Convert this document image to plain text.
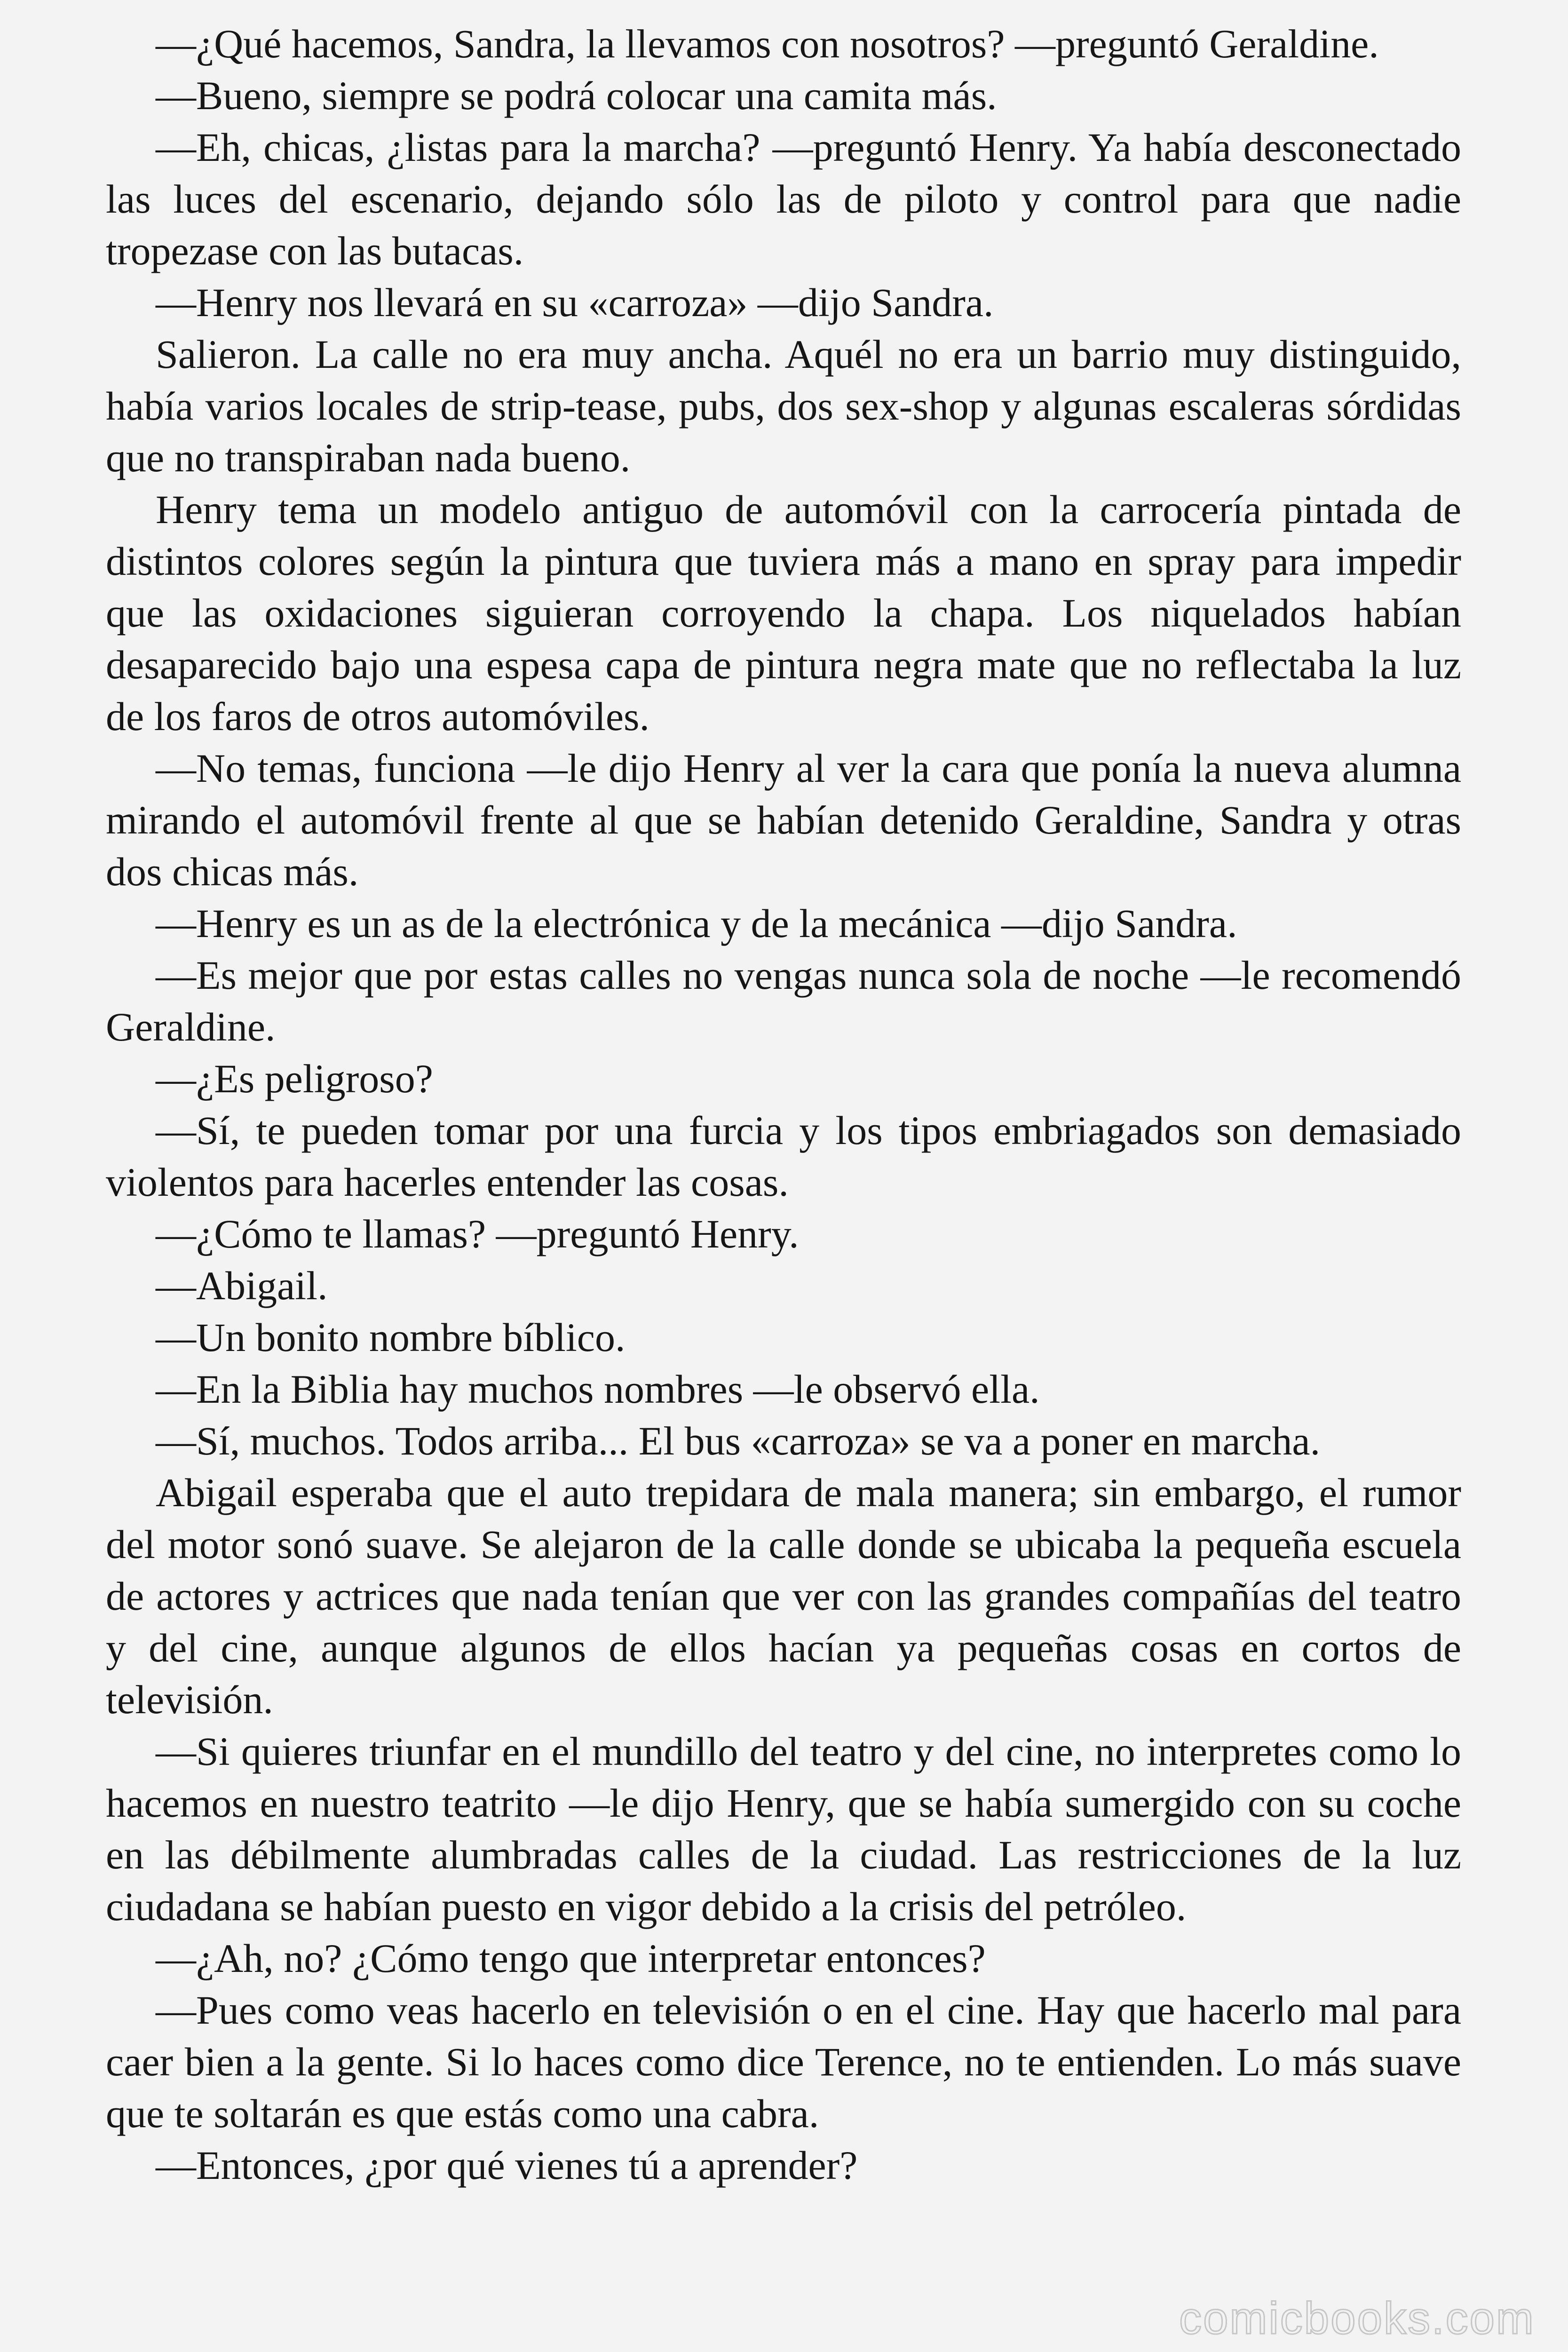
—¿Qué hacemos, Sandra, la llevamos con nosotros? —preguntó Geraldine.

—Bueno, siempre se podrá colocar una camita más.

—Eh, chicas, ¿listas para la marcha? —preguntó Henry. Ya había desconectado las luces del escenario, dejando sólo las de piloto y control para que nadie tropezase con las butacas.

—Henry nos llevará en su «carroza» —dijo Sandra.

Salieron. La calle no era muy ancha. Aquél no era un barrio muy distinguido, había varios locales de strip-tease, pubs, dos sex-shop y algunas escaleras sórdidas que no transpiraban nada bueno.

Henry tema un modelo antiguo de automóvil con la carrocería pintada de distintos colores según la pintura que tuviera más a mano en spray para impedir que las oxidaciones siguieran corroyendo la chapa. Los niquelados habían desaparecido bajo una espesa capa de pintura negra mate que no reflectaba la luz de los faros de otros automóviles.

—No temas, funciona —le dijo Henry al ver la cara que ponía la nueva alumna mirando el automóvil frente al que se habían detenido Geraldine, Sandra y otras dos chicas más.

—Henry es un as de la electrónica y de la mecánica —dijo Sandra.

—Es mejor que por estas calles no vengas nunca sola de noche —le recomendó Geraldine.

—¿Es peligroso?

—Sí, te pueden tomar por una furcia y los tipos embriagados son demasiado violentos para hacerles entender las cosas.

—¿Cómo te llamas? —preguntó Henry.

—Abigail.

—Un bonito nombre bíblico.

—En la Biblia hay muchos nombres —le observó ella.

—Sí, muchos. Todos arriba... El bus «carroza» se va a poner en marcha.

Abigail esperaba que el auto trepidara de mala manera; sin embargo, el rumor del motor sonó suave. Se alejaron de la calle donde se ubicaba la pequeña escuela de actores y actrices que nada tenían que ver con las grandes compañías del teatro y del cine, aunque algunos de ellos hacían ya pequeñas cosas en cortos de televisión.

—Si quieres triunfar en el mundillo del teatro y del cine, no interpretes como lo hacemos en nuestro teatrito —le dijo Henry, que se había sumergido con su coche en las débilmente alumbradas calles de la ciudad. Las restricciones de la luz ciudadana se habían puesto en vigor debido a la crisis del petróleo.

—¿Ah, no? ¿Cómo tengo que interpretar entonces?

—Pues como veas hacerlo en televisión o en el cine. Hay que hacerlo mal para caer bien a la gente. Si lo haces como dice Terence, no te entienden. Lo más suave que te soltarán es que estás como una cabra.

—Entonces, ¿por qué vienes tú a aprender?

comicbooks.com
